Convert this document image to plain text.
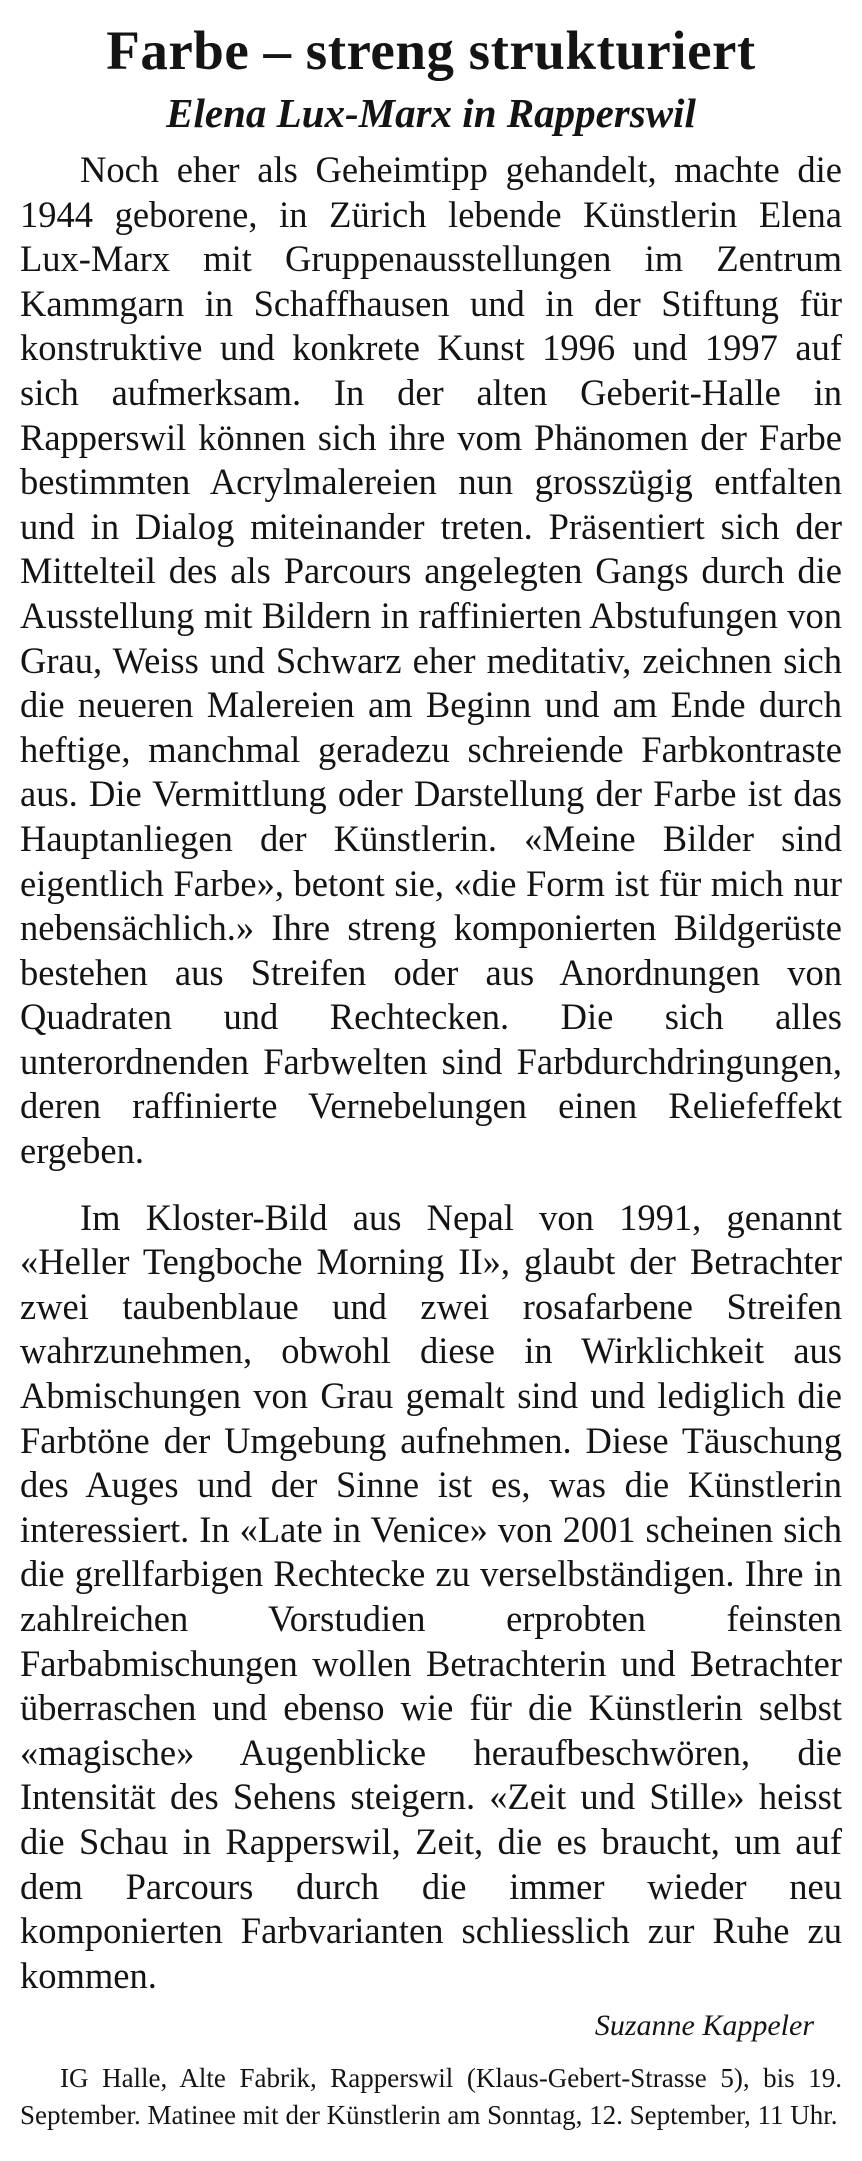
Farbe – streng strukturiert
Elena Lux-Marx in Rapperswil

Noch eher als Geheimtipp gehandelt, machte die 1944 geborene, in Zürich lebende Künstlerin Elena Lux-Marx mit Gruppenausstellungen im Zentrum Kammgarn in Schaffhausen und in der Stiftung für konstruktive und konkrete Kunst 1996 und 1997 auf sich aufmerksam. In der alten Geberit-Halle in Rapperswil können sich ihre vom Phänomen der Farbe bestimmten Acrylmalereien nun grosszügig entfalten und in Dialog miteinander treten. Präsentiert sich der Mittelteil des als Parcours angelegten Gangs durch die Ausstellung mit Bildern in raffinierten Abstufungen von Grau, Weiss und Schwarz eher meditativ, zeichnen sich die neueren Malereien am Beginn und am Ende durch heftige, manchmal geradezu schreiende Farbkontraste aus. Die Vermittlung oder Darstellung der Farbe ist das Hauptanliegen der Künstlerin. «Meine Bilder sind eigentlich Farbe», betont sie, «die Form ist für mich nur nebensächlich.» Ihre streng komponierten Bildgerüste bestehen aus Streifen oder aus Anordnungen von Quadraten und Rechtecken. Die sich alles unterordnenden Farbwelten sind Farbdurchdringungen, deren raffinierte Vernebelungen einen Reliefeffekt ergeben.

Im Kloster-Bild aus Nepal von 1991, genannt «Heller Tengboche Morning II», glaubt der Betrachter zwei taubenblaue und zwei rosafarbene Streifen wahrzunehmen, obwohl diese in Wirklichkeit aus Abmischungen von Grau gemalt sind und lediglich die Farbtöne der Umgebung aufnehmen. Diese Täuschung des Auges und der Sinne ist es, was die Künstlerin interessiert. In «Late in Venice» von 2001 scheinen sich die grellfarbigen Rechtecke zu verselbständigen. Ihre in zahlreichen Vorstudien erprobten feinsten Farbabmischungen wollen Betrachterin und Betrachter überraschen und ebenso wie für die Künstlerin selbst «magische» Augenblicke heraufbeschwören, die Intensität des Sehens steigern. «Zeit und Stille» heisst die Schau in Rapperswil, Zeit, die es braucht, um auf dem Parcours durch die immer wieder neu komponierten Farbvarianten schliesslich zur Ruhe zu kommen.

Suzanne Kappeler

IG Halle, Alte Fabrik, Rapperswil (Klaus-Gebert-Strasse 5), bis 19. September. Matinee mit der Künstlerin am Sonntag, 12. September, 11 Uhr.
